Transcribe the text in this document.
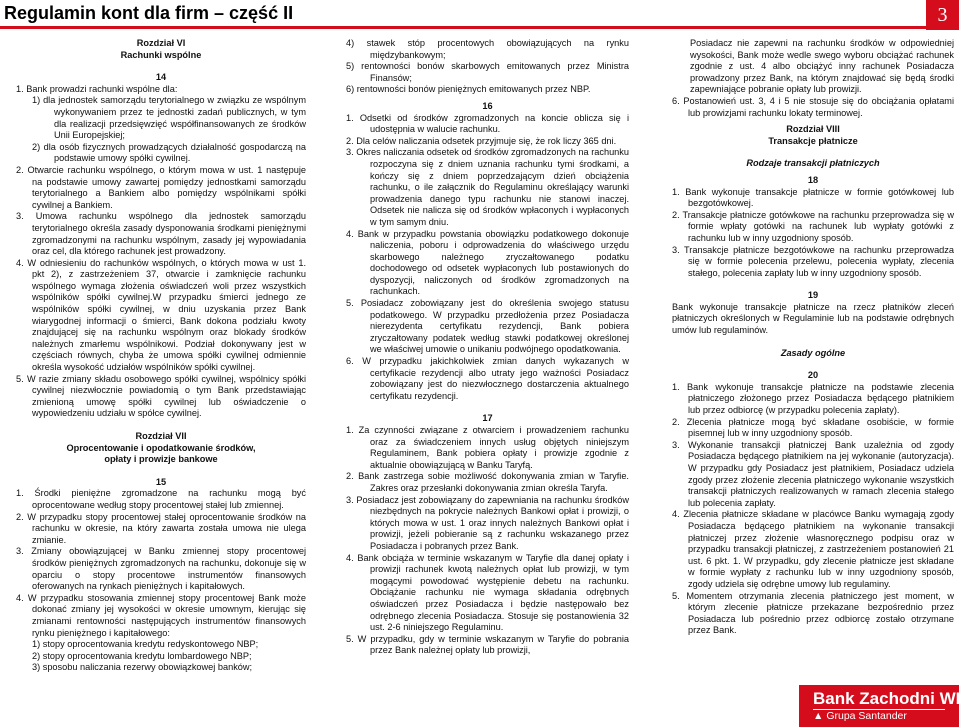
Regulamin kont dla firm – część II	3

Rozdział VI

Rachunki wspólne

14

1. Bank prowadzi rachunki wspólne dla:

1) dla jednostek samorządu terytorialnego w związku ze wspólnym wykonywaniem przez te jednostki zadań publicznych, w tym dla realizacji przedsięwzięć współfinansowanych ze środków Unii Europejskiej;

2) dla osób fizycznych prowadzących działalność gospodarczą na podstawie umowy spółki cywilnej.

2. Otwarcie rachunku wspólnego, o którym mowa w ust. 1 następuje na podstawie umowy zawartej pomiędzy jednostkami samorządu terytorialnego a Bankiem albo pomiędzy wspólnikami spółki cywilnej a Bankiem.

3. Umowa rachunku wspólnego dla jednostek samorządu terytorialnego określa zasady dysponowania środkami pieniężnymi zgromadzonymi na rachunku wspólnym, zasady jej wypowiadania oraz cel, dla którego rachunek jest prowadzony.

4. W odniesieniu do rachunków wspólnych, o których mowa w ust 1. pkt 2), z zastrzeżeniem 37, otwarcie i zamknięcie rachunku wspólnego wymaga złożenia oświadczeń woli przez wszystkich wspólników spółki cywilnej.W przypadku śmierci jednego ze wspólników spółki cywilnej, w dniu uzyskania przez Bank wiarygodnej informacji o śmierci, Bank dokona podziału kwoty znajdującej się na rachunku wspólnym oraz blokady środków należnych zmarłemu wspólnikowi. Podział dokonywany jest w częściach równych, chyba że umowa spółki cywilnej odmiennie określa wysokość udziałów wspólników spółki cywilnej.

5. W razie zmiany składu osobowego spółki cywilnej, wspólnicy spółki cywilnej niezwłocznie powiadomią o tym Bank przedstawiając zmienioną umowę spółki cywilnej lub oświadczenie o wypowiedzeniu udziału w spółce cywilnej.

Rozdział VII

Oprocentowanie i opodatkowanie środków,

opłaty i prowizje bankowe

15

1. Środki pieniężne zgromadzone na rachunku mogą być oprocentowane według stopy procentowej stałej lub zmiennej.

2. W przypadku stopy procentowej stałej oprocentowanie środków na rachunku w okresie, na który zawarta została umowa nie ulega zmianie.

3. Zmiany obowiązującej w Banku zmiennej stopy procentowej środków pieniężnych zgromadzonych na rachunku, dokonuje się w oparciu o stopy procentowe instrumentów finansowych oferowanych na rynkach pieniężnych i kapitałowych.

4. W przypadku stosowania zmiennej stopy procentowej Bank może dokonać zmiany jej wysokości w okresie umownym, kierując się zmianami rentowności następujących instrumentów finansowych rynku pieniężnego i kapitałowego:

1) stopy oprocentowania kredytu redyskontowego NBP;

2) stopy oprocentowania kredytu lombardowego NBP;

3) sposobu naliczania rezerwy obowiązkowej banków;

4) stawek stóp procentowych obowiązujących na rynku międzybankowym;

5) rentowności bonów skarbowych emitowanych przez Ministra Finansów;

6) rentowności bonów pieniężnych emitowanych przez NBP.

16

1. Odsetki od środków zgromadzonych na koncie oblicza się i udostępnia w walucie rachunku.

2. Dla celów naliczania odsetek przyjmuje się, że rok liczy 365 dni.

3. Okres naliczania odsetek od środków zgromadzonych na rachunku rozpoczyna się z dniem uznania rachunku tymi środkami, a kończy się z dniem poprzedzającym dzień obciążenia rachunku, o ile załącznik do Regulaminu określający warunki prowadzenia danego typu rachunku nie stanowi inaczej. Odsetek nie nalicza się od środków wpłaconych i wypłaconych w tym samym dniu.

4. Bank w przypadku powstania obowiązku podatkowego dokonuje naliczenia, poboru i odprowadzenia do właściwego urzędu skarbowego należnego zryczałtowanego podatku dochodowego od odsetek wypłaconych lub postawionych do dyspozycji, naliczonych od środków zgromadzonych na rachunkach.

5. Posiadacz zobowiązany jest do określenia swojego statusu podatkowego. W przypadku przedłożenia przez Posiadacza nierezydenta certyfikatu rezydencji, Bank pobiera zryczałtowany podatek według stawki podatkowej określonej we właściwej umowie o unikaniu podwójnego opodatkowania.

6. W przypadku jakichkolwiek zmian danych wykazanych w certyfikacie rezydencji albo utraty jego ważności Posiadacz zobowiązany jest do niezwłocznego dostarczenia aktualnego certyfikatu rezydencji.

17

1. Za czynności związane z otwarciem i prowadzeniem rachunku oraz za świadczeniem innych usług objętych niniejszym Regulaminem, Bank pobiera opłaty i prowizje zgodnie z aktualnie obowiązującą w Banku Taryfą.

2. Bank zastrzega sobie możliwość dokonywania zmian w Taryfie. Zakres oraz przesłanki dokonywania zmian określa Taryfa.

3. Posiadacz jest zobowiązany do zapewniania na rachunku środków niezbędnych na pokrycie należnych Bankowi opłat i prowizji, o których mowa w ust. 1 oraz innych należnych Bankowi opłat i prowizji, jeżeli pobieranie są z rachunku wskazanego przez Posiadacza i pobranych przez Bank.

4. Bank obciąża w terminie wskazanym w Taryfie dla danej opłaty i prowizji rachunek kwotą należnych opłat lub prowizji, w tym mogącymi powodować występienie debetu na rachunku. Obciążanie rachunku nie wymaga składania odrębnych oświadczeń przez Posiadacza i będzie następowało bez odrębnego zlecenia Posiadacza. Stosuje się postanowienia 32 ust. 2-6 niniejszego Regulaminu.

5. W przypadku, gdy w terminie wskazanym w Taryfie do pobrania przez Bank należnej opłaty lub prowizji,

Posiadacz nie zapewni na rachunku środków w odpowiedniej wysokości, Bank może wedle swego wyboru obciążać rachunek zgodnie z ust. 4 albo obciążyć inny rachunek Posiadacza prowadzony przez Bank, na którym znajdować się będą środki zapewniające pobranie opłaty lub prowizji.

6. Postanowień ust. 3, 4 i 5 nie stosuje się do obciążania opłatami lub prowizjami rachunku lokaty terminowej.

Rozdział VIII

Transakcje płatnicze

Rodzaje transakcji płatniczych

18

1. Bank wykonuje transakcje płatnicze w formie gotówkowej lub bezgotówkowej.

2. Transakcje płatnicze gotówkowe na rachunku przeprowadza się w formie wpłaty gotówki na rachunek lub wypłaty gotówki z rachunku lub w inny uzgodniony sposób.

3. Transakcje płatnicze bezgotówkowe na rachunku przeprowadza się w formie polecenia przelewu, polecenia wypłaty, zlecenia stałego, polecenia zapłaty lub w inny uzgodniony sposób.

19

Bank wykonuje transakcje płatnicze na rzecz płatników zleceń płatniczych określonych w Regulaminie lub na podstawie odrębnych umów lub regulaminów.

Zasady ogólne

20

1. Bank wykonuje transakcje płatnicze na podstawie zlecenia płatniczego złożonego przez Posiadacza będącego płatnikiem lub przez odbiorcę (w przypadku polecenia zapłaty).

2. Zlecenia płatnicze mogą być składane osobiście, w formie pisemnej lub w inny uzgodniony sposób.

3. Wykonanie transakcji płatniczej Bank uzależnia od zgody Posiadacza będącego płatnikiem na jej wykonanie (autoryzacja). W przypadku gdy Posiadacz jest płatnikiem, Posiadacz udziela zgody przez złożenie zlecenia płatniczego wykonanie wszystkich transakcji płatniczych realizowanych w ramach zlecenia stałego lub polecenia zapłaty.

4. Zlecenia płatnicze składane w placówce Banku wymagają zgody Posiadacza będącego płatnikiem na wykonanie transakcji płatniczej przez złożenie własnoręcznego podpisu oraz w przypadku transakcji płatniczej, z zastrzeżeniem postanowień 21 ust. 6 pkt. 1. W przypadku, gdy zlecenie płatnicze jest składane w formie wypłaty z rachunku lub w inny uzgodniony sposób, zgody udziela się odrębne umowy lub regulaminy.

5. Momentem otrzymania zlecenia płatniczego jest moment, w którym zlecenie płatnicze przekazane bezpośrednio przez Posiadacza lub pośrednio przez odbiorcę zostało otrzymane przez Bank.

Bank Zachodni WBK
▲ Grupa Santander
